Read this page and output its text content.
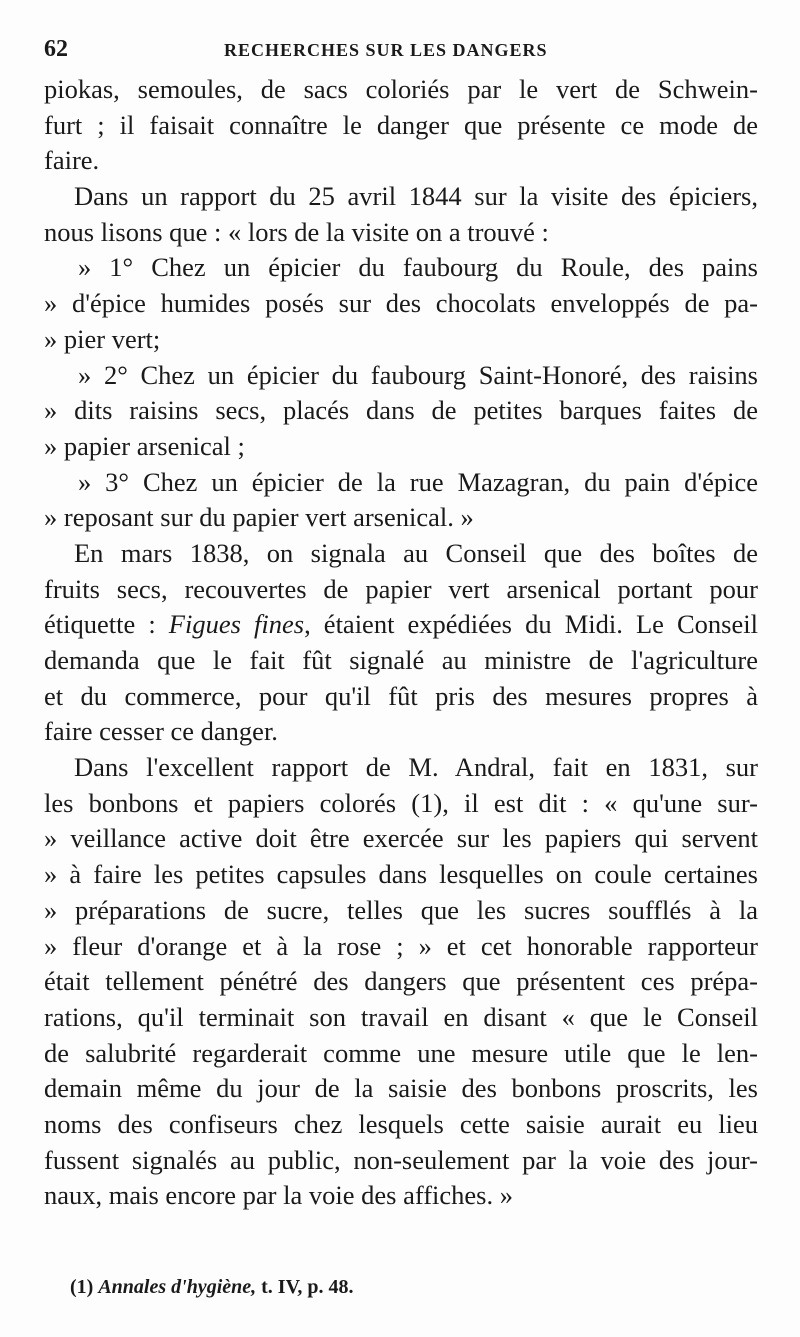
62	RECHERCHES SUR LES DANGERS
piokas, semoules, de sacs coloriés par le vert de Schwein-
furt ; il faisait connaître le danger que présente ce mode de
faire.
Dans un rapport du 25 avril 1844 sur la visite des épiciers,
nous lisons que : « lors de la visite on a trouvé :
» 1° Chez un épicier du faubourg du Roule, des pains
» d'épice humides posés sur des chocolats enveloppés de pa-
» pier vert;
» 2° Chez un épicier du faubourg Saint-Honoré, des raisins
» dits raisins secs, placés dans de petites barques faites de
» papier arsenical ;
» 3° Chez un épicier de la rue Mazagran, du pain d'épice
» reposant sur du papier vert arsenical. »
En mars 1838, on signala au Conseil que des boîtes de
fruits secs, recouvertes de papier vert arsenical portant pour
étiquette : Figues fines, étaient expédiées du Midi. Le Conseil
demanda que le fait fût signalé au ministre de l'agriculture
et du commerce, pour qu'il fût pris des mesures propres à
faire cesser ce danger.
Dans l'excellent rapport de M. Andral, fait en 1831, sur
les bonbons et papiers colorés (1), il est dit : « qu'une sur-
» veillance active doit être exercée sur les papiers qui servent
» à faire les petites capsules dans lesquelles on coule certaines
» préparations de sucre, telles que les sucres soufflés à la
» fleur d'orange et à la rose ; » et cet honorable rapporteur
était tellement pénétré des dangers que présentent ces prépa-
rations, qu'il terminait son travail en disant « que le Conseil
de salubrité regarderait comme une mesure utile que le len-
demain même du jour de la saisie des bonbons proscrits, les
noms des confiseurs chez lesquels cette saisie aurait eu lieu
fussent signalés au public, non-seulement par la voie des jour-
naux, mais encore par la voie des affiches. »
(1) Annales d'hygiène, t. IV, p. 48.
